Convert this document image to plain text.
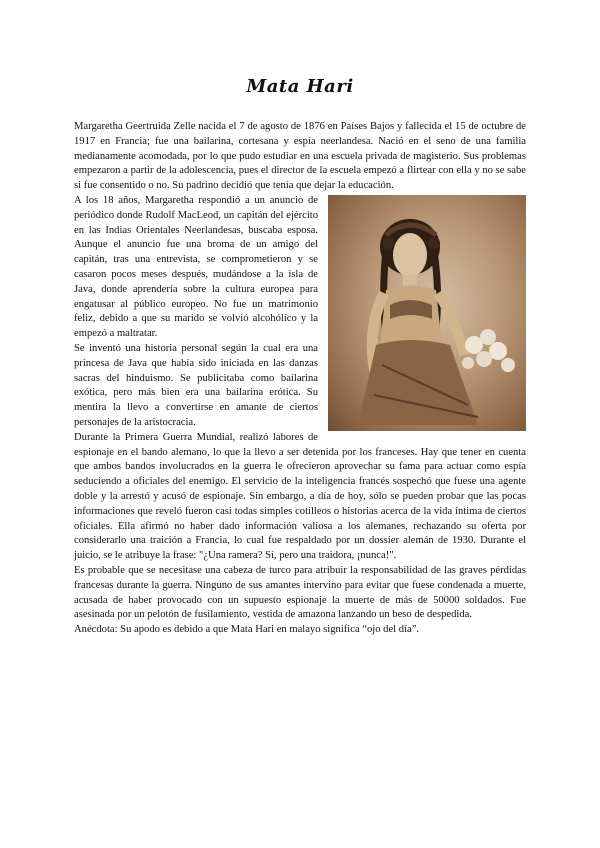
Mata Hari

Margaretha Geertruida Zelle nacida el 7 de agosto de 1876 en Países Bajos y fallecida el 15 de octubre de 1917 en Francia; fue una bailarina, cortesana y espía neerlandesa. Nació en el seno de una familia medianamente acomodada, por lo que pudo estudiar en una escuela privada de magisterio. Sus problemas empezaron a partir de la adolescencia, pues el director de la escuela empezó a flirtear con ella y no se sabe si fue consentido o no. Su padrino decidió que tenía que dejar la educación.

A los 18 años, Margaretha respondió a un anuncio de periódico donde Rudolf MacLeod, un capitán del ejército en las Indias Orientales Neerlandesas, buscaba esposa. Aunque el anuncio fue una broma de un amigo del capitán, tras una entrevista, se comprometieron y se casaron pocos meses después, mudándose a la isla de Java, donde aprendería sobre la cultura europea para engatusar al público europeo. No fue un matrimonio feliz, debido a que su marido se volvió alcohólico y la empezó a maltratar.

Se inventó una historia personal según la cual era una princesa de Java que había sido iniciada en las danzas sacras del hinduismo. Se publicitaba como bailarina exótica, pero más bien era una bailarina erótica. Su mentira la llevo a convertirse en amante de ciertos personajes de la aristocracia.

Durante la Primera Guerra Mundial, realizó labores de espionaje en el bando alemano, lo que la llevo a ser detenida por los franceses. Hay que tener en cuenta que ambos bandos involucrados en la guerra le ofrecieron aprovechar su fama para actuar como espía seduciendo a oficiales del enemigo. El servicio de la inteligencia francés sospechó que fuese una agente doble y la arrestó y acusó de espionaje. Sin embargo, a día de hoy, sólo se pueden probar que las pocas informaciones que reveló fueron casi todas simples cotilleos o historias acerca de la vida íntima de ciertos oficiales. Ella afirmó no haber dado información valiosa a los alemanes, rechazando su oferta por considerarlo una traición a Francia, lo cual fue respaldado por un dossier alemán de 1930. Durante el juicio, se le atribuye la frase: "¿Una ramera? Sí, pero una traidora, ¡nunca!".

Es probable que se necesitase una cabeza de turco para atribuir la responsabilidad de las graves pérdidas francesas durante la guerra. Ninguno de sus amantes intervino para evitar que fuese condenada a muerte, acusada de haber provocado con un supuesto espionaje la muerte de más de 50000 soldados. Fue asesinada por un pelotón de fusilamiento, vestida de amazona lanzando un beso de despedida.

Anécdota: Su apodo es debido a que Mata Hari en malayo significa “ojo del día”.
